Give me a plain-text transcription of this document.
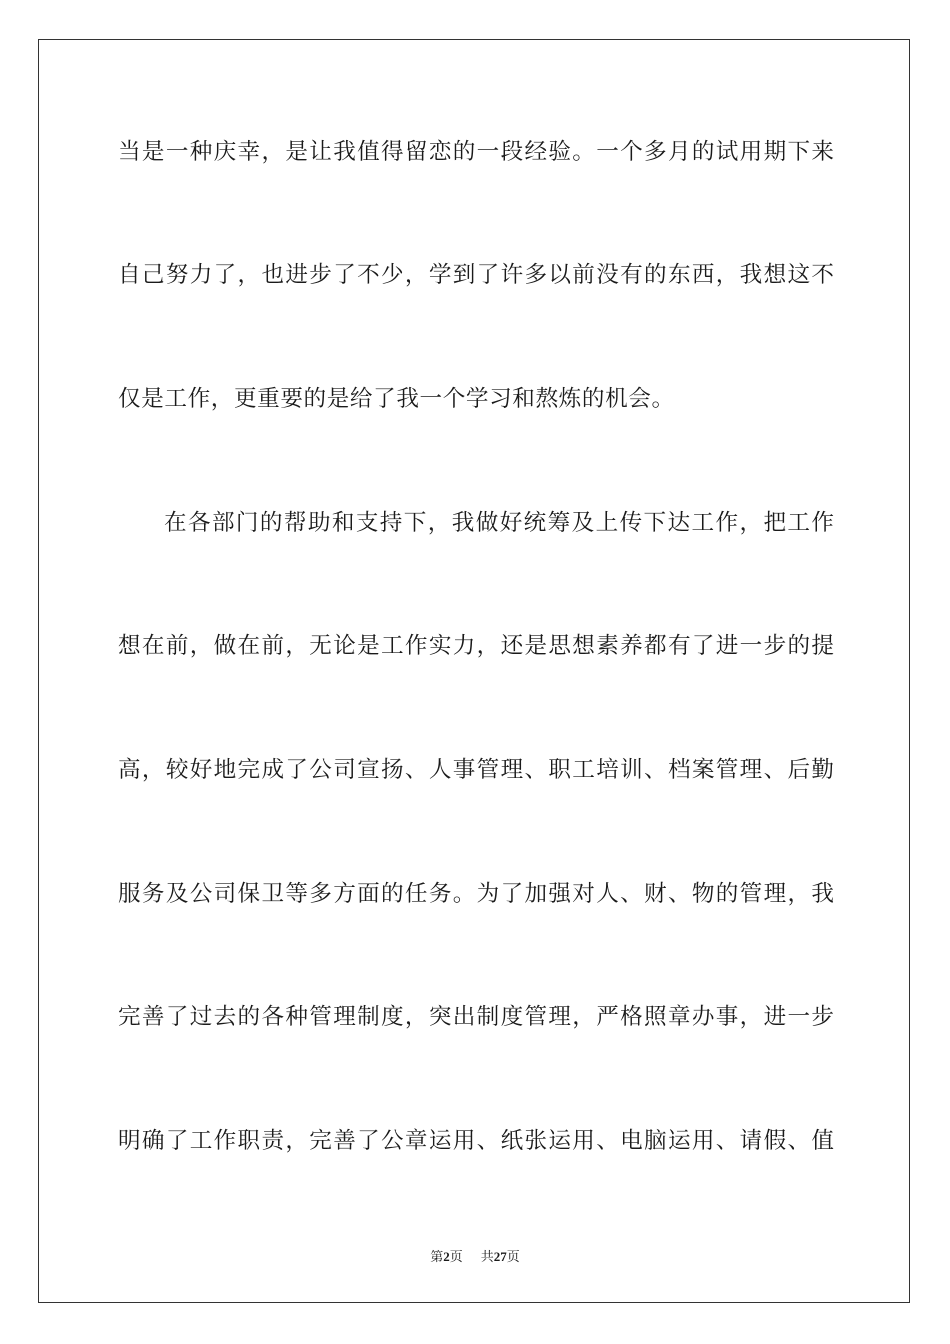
当是一种庆幸，是让我值得留恋的一段经验。一个多月的试用期下来
自己努力了，也进步了不少，学到了许多以前没有的东西，我想这不
仅是工作，更重要的是给了我一个学习和熬炼的机会。
在各部门的帮助和支持下，我做好统筹及上传下达工作，把工作
想在前，做在前，无论是工作实力，还是思想素养都有了进一步的提
高，较好地完成了公司宣扬、人事管理、职工培训、档案管理、后勤
服务及公司保卫等多方面的任务。为了加强对人、财、物的管理，我
完善了过去的各种管理制度，突出制度管理，严格照章办事，进一步
明确了工作职责，完善了公章运用、纸张运用、电脑运用、请假、值
第2页 共27页
